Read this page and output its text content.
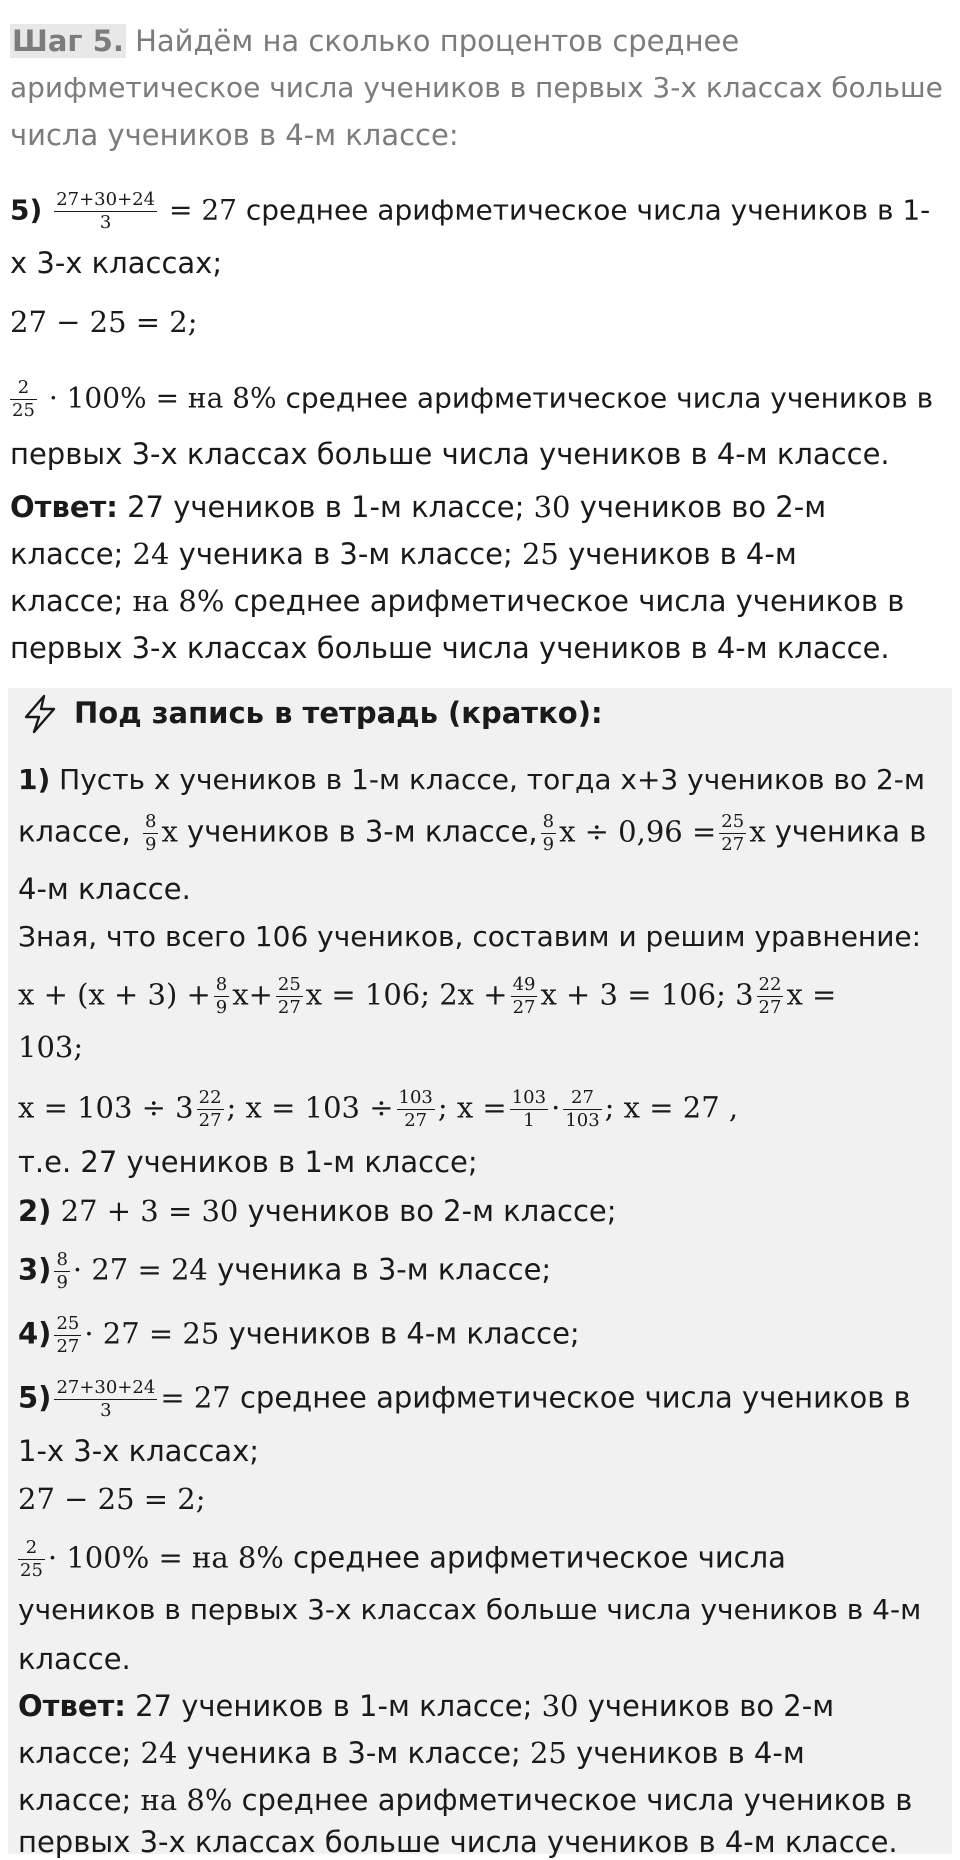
Шаг 5. Найдём на сколько процентов среднее
арифметическое числа учеников в первых 3-х классах больше
числа учеников в 4-м классе:
$5) \frac{27+30+24}{3} = 27$ среднее арифметическое числа учеников в 1-
х 3-х классах;
27 − 25 = 2;
$\frac{2}{25} \cdot 100\%$ = на 8% среднее арифметическое числа учеников в
первых 3-х классах больше числа учеников в 4-м классе.
Ответ: 27 учеников в 1-м классе; 30 учеников во 2-м
классе; 24 ученика в 3-м классе; 25 учеников в 4-м
классе; на 8% среднее арифметическое числа учеников в
первых 3-х классах больше числа учеников в 4-м классе.
Под запись в тетрадь (кратко):
1) Пусть x учеников в 1-м классе, тогда x+3 учеников во 2-м
классе, $\frac{8}{9}$ x учеников в 3-м классе, $\frac{8}{9}$ $x \div 0,96 = \frac{25}{27}$ x ученика в
4-м классе.
Зная, что всего 106 учеников, составим и решим уравнение:
$x + (x + 3) + \frac{8}{9} x+ \frac{25}{27}$ x = 106; $2x + \frac{49}{27}$ x + 3 = 106; $3 \frac{22}{27}$ x =
103;
$x = 103 \div 3 \frac{22}{27}$ ; $x = 103 \div \frac{103}{27}$ ; $x = \frac{103}{1} \cdot \frac{27}{103}$ ; x = 27 ,
т.е. 27 учеников в 1-м классе;
2) 27 + 3 = 30 учеников во 2-м классе;
$3) \frac{8}{9} \cdot 27 = 24$ ученика в 3-м классе;
$4) \frac{25}{27} \cdot 27 = 25$ учеников в 4-м классе;
$5) \frac{27+30+24}{3} = 27$ среднее арифметическое числа учеников в
1-х 3-х классах;
27 − 25 = 2;
$\frac{2}{25} \cdot 100\%$ = на 8% среднее арифметическое числа
учеников в первых 3-х классах больше числа учеников в 4-м
классе.
Ответ: 27 учеников в 1-м классе; 30 учеников во 2-м
классе; 24 ученика в 3-м классе; 25 учеников в 4-м
классе; на 8% среднее арифметическое числа учеников в
первых 3-х классах больше числа учеников в 4-м классе.
